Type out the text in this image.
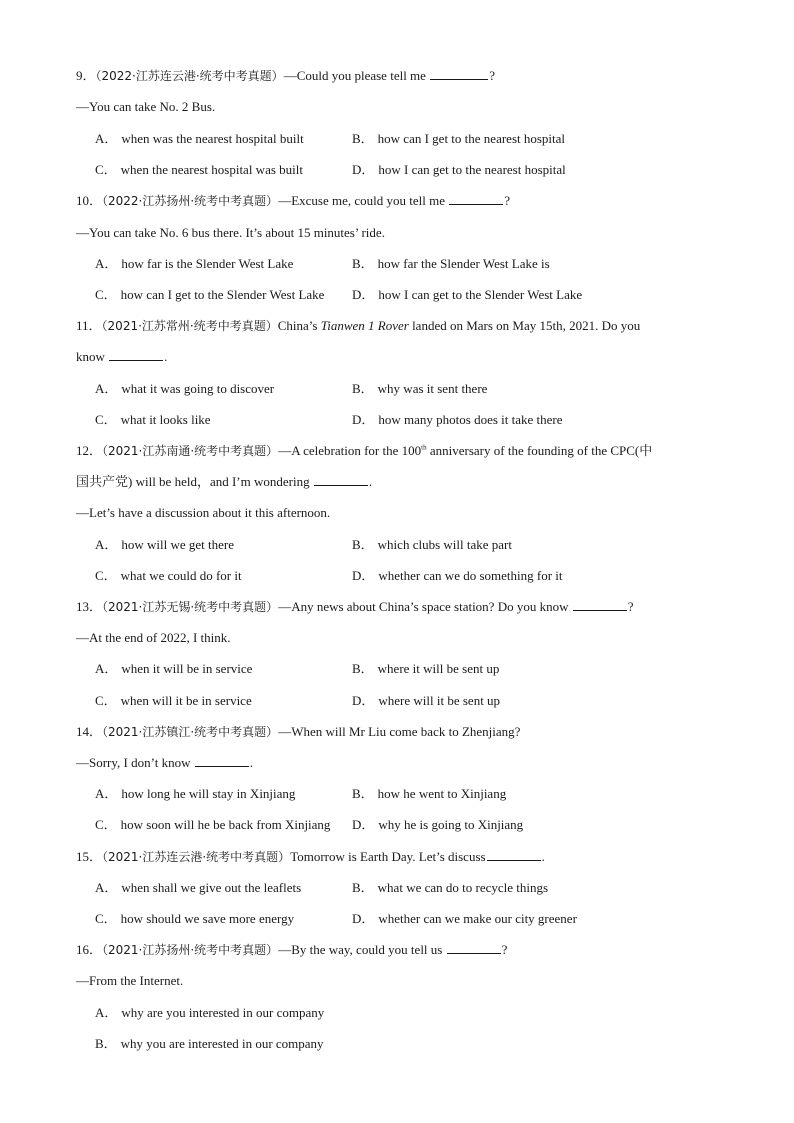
9．（2022·江苏连云港·统考中考真题）—Could you please tell me	?
—You can take No. 2 Bus.
A． when was the nearest hospital built	B． how can I get to the nearest hospital
C． when the nearest hospital was built	D． how I can get to the nearest hospital
10．（2022·江苏扬州·统考中考真题）—Excuse me, could you tell me	?
—You can take No. 6 bus there. It’s about 15 minutes’ ride.
A． how far is the Slender West Lake	B． how far the Slender West Lake is
C． how can I get to the Slender West Lake D． how I can get to the Slender West Lake
11．（2021·江苏常州·统考中考真题）China’s Tianwen 1 Rover landed on Mars on May 15th, 2021. Do you
know	.
A． what it was going to discover	B． why was it sent there
C． what it looks like	D． how many photos does it take there
12．（2021·江苏南通·统考中考真题）—A celebration for the 100th anniversary of the founding of the CPC(中
国共产党) will be held，and I’m wondering	.
—Let’s have a discussion about it this afternoon.
A． how will we get there	B． which clubs will take part
C． what we could do for it	D． whether can we do something for it
13．（2021·江苏无锡·统考中考真题）—Any news about China’s space station? Do you know	?
—At the end of 2022, I think.
A． when it will be in service	B． where it will be sent up
C． when will it be in service	D． where will it be sent up
14．（2021·江苏镇江·统考中考真题）—When will Mr Liu come back to Zhenjiang?
—Sorry, I don’t know	.
A． how long he will stay in Xinjiang	B． how he went to Xinjiang
C． how soon will he be back from Xinjiang D． why he is going to Xinjiang
15．（2021·江苏连云港·统考中考真题）Tomorrow is Earth Day. Let’s discuss	.
A． when shall we give out the leaflets	B． what we can do to recycle things
C． how should we save more energy	D． whether can we make our city greener
16．（2021·江苏扬州·统考中考真题）—By the way, could you tell us	?
—From the Internet.
A． why are you interested in our company
B． why you are interested in our company
